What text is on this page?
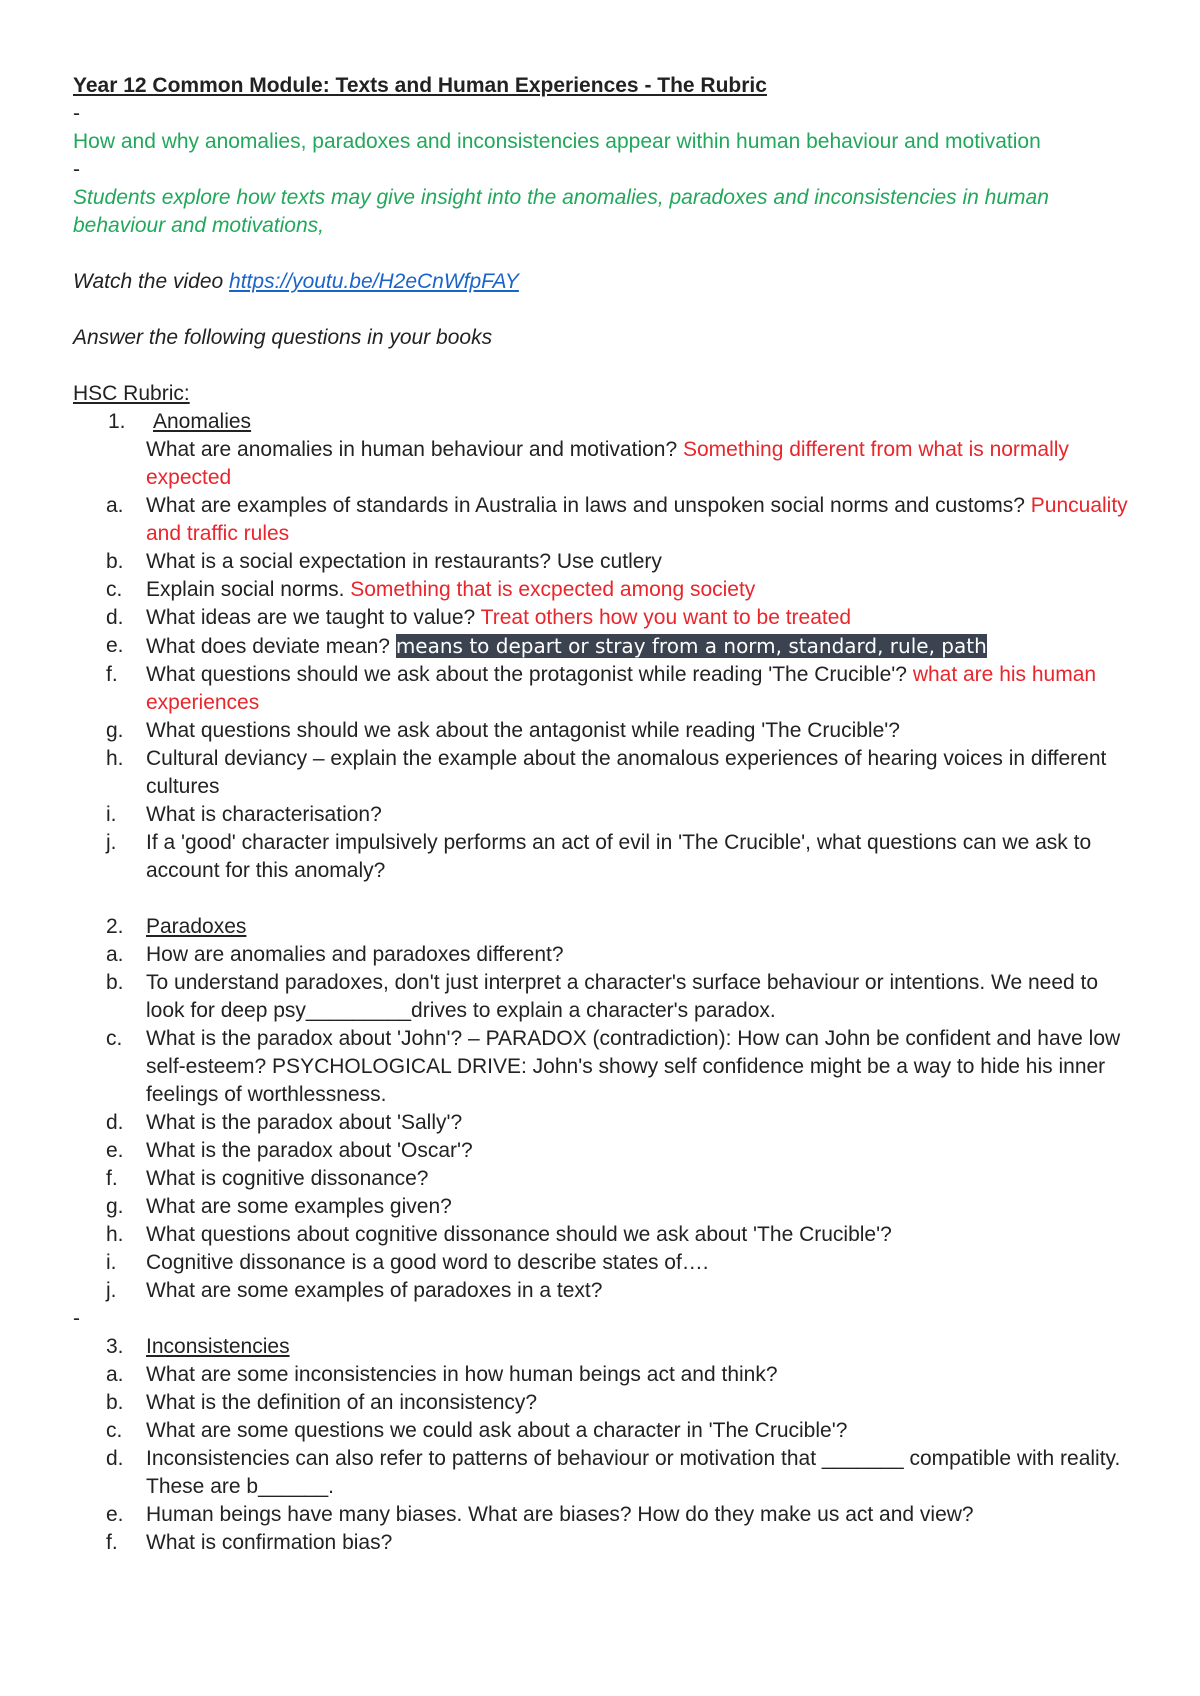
Year 12 Common Module: Texts and Human Experiences - The Rubric
-
How and why anomalies, paradoxes and inconsistencies appear within human behaviour and motivation
-
Students explore how texts may give insight into the anomalies, paradoxes and inconsistencies in human behaviour and motivations,
Watch the video https://youtu.be/H2eCnWfpFAY
Answer the following questions in your books
HSC Rubric:
1.	Anomalies
What are anomalies in human behaviour and motivation? Something different from what is normally expected
a.	What are examples of standards in Australia in laws and unspoken social norms and customs? Puncuality and traffic rules
b.	What is a social expectation in restaurants? Use cutlery
c.	Explain social norms. Something that is excpected among society
d.	What ideas are we taught to value? Treat others how you want to be treated
e.	What does deviate mean? means to depart or stray from a norm, standard, rule, path
f.	What questions should we ask about the protagonist while reading 'The Crucible'? what are his human experiences
g.	What questions should we ask about the antagonist while reading 'The Crucible'?
h.	Cultural deviancy – explain the example about the anomalous experiences of hearing voices in different cultures
i.	What is characterisation?
j.	If a 'good' character impulsively performs an act of evil in 'The Crucible', what questions can we ask to account for this anomaly?
2.	Paradoxes
a.	How are anomalies and paradoxes different?
b.	To understand paradoxes, don't just interpret a character's surface behaviour or intentions. We need to look for deep psy_________drives to explain a character's paradox.
c.	What is the paradox about 'John'? – PARADOX (contradiction): How can John be confident and have low self-esteem? PSYCHOLOGICAL DRIVE: John's showy self confidence might be a way to hide his inner feelings of worthlessness.
d.	What is the paradox about 'Sally'?
e.	What is the paradox about 'Oscar'?
f.	What is cognitive dissonance?
g.	What are some examples given?
h.	What questions about cognitive dissonance should we ask about 'The Crucible'?
i.	Cognitive dissonance is a good word to describe states of….
j.	What are some examples of paradoxes in a text?
-
3.	Inconsistencies
a.	What are some inconsistencies in how human beings act and think?
b.	What is the definition of an inconsistency?
c.	What are some questions we could ask about a character in 'The Crucible'?
d.	Inconsistencies can also refer to patterns of behaviour or motivation that _______ compatible with reality. These are b______.
e.	Human beings have many biases. What are biases? How do they make us act and view?
f.	What is confirmation bias?
